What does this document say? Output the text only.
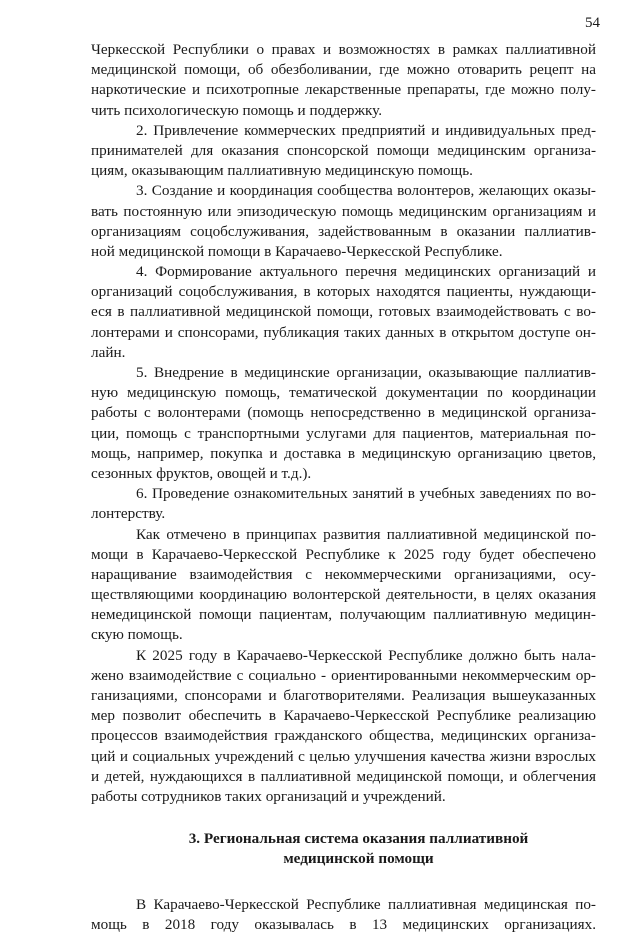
54
Черкесской Республики о правах и возможностях в рамках паллиативной
медицинской помощи, об обезболивании, где можно отоварить рецепт на
наркотические и психотропные лекарственные препараты, где можно полу-
чить психологическую помощь и поддержку.
2. Привлечение коммерческих предприятий и индивидуальных пред-
принимателей для оказания спонсорской помощи медицинским организа-
циям, оказывающим паллиативную медицинскую помощь.
3. Создание и координация сообщества волонтеров, желающих оказы-
вать постоянную или эпизодическую помощь медицинским организациям и
организациям соцобслуживания, задействованным в оказании паллиатив-
ной медицинской помощи в Карачаево-Черкесской Республике.
4. Формирование актуального перечня медицинских организаций и
организаций соцобслуживания, в которых находятся пациенты, нуждающи-
еся в паллиативной медицинской помощи, готовых взаимодействовать с во-
лонтерами и спонсорами, публикация таких данных в открытом доступе он-
лайн.
5. Внедрение в медицинские организации, оказывающие паллиатив-
ную медицинскую помощь, тематической документации по координации
работы с волонтерами (помощь непосредственно в медицинской организа-
ции, помощь с транспортными услугами для пациентов, материальная по-
мощь, например, покупка и доставка в медицинскую организацию цветов,
сезонных фруктов, овощей и т.д.).
6. Проведение ознакомительных занятий в учебных заведениях по во-
лонтерству.
Как отмечено в принципах развития паллиативной медицинской по-
мощи в Карачаево-Черкесской Республике к 2025 году будет обеспечено
наращивание взаимодействия с некоммерческими организациями, осу-
ществляющими координацию волонтерской деятельности, в целях оказания
немедицинской помощи пациентам, получающим паллиативную медицин-
скую помощь.
К 2025 году в Карачаево-Черкесской Республике должно быть нала-
жено взаимодействие с социально - ориентированными некоммерческим ор-
ганизациями, спонсорами и благотворителями. Реализация вышеуказанных
мер позволит обеспечить в Карачаево-Черкесской Республике реализацию
процессов взаимодействия гражданского общества, медицинских организа-
ций и социальных учреждений с целью улучшения качества жизни взрослых
и детей, нуждающихся в паллиативной медицинской помощи, и облегчения
работы сотрудников таких организаций и учреждений.
3. Региональная система оказания паллиативной
медицинской помощи
В Карачаево-Черкесской Республике паллиативная медицинская по-
мощь в 2018 году оказывалась в 13 медицинских организациях.
